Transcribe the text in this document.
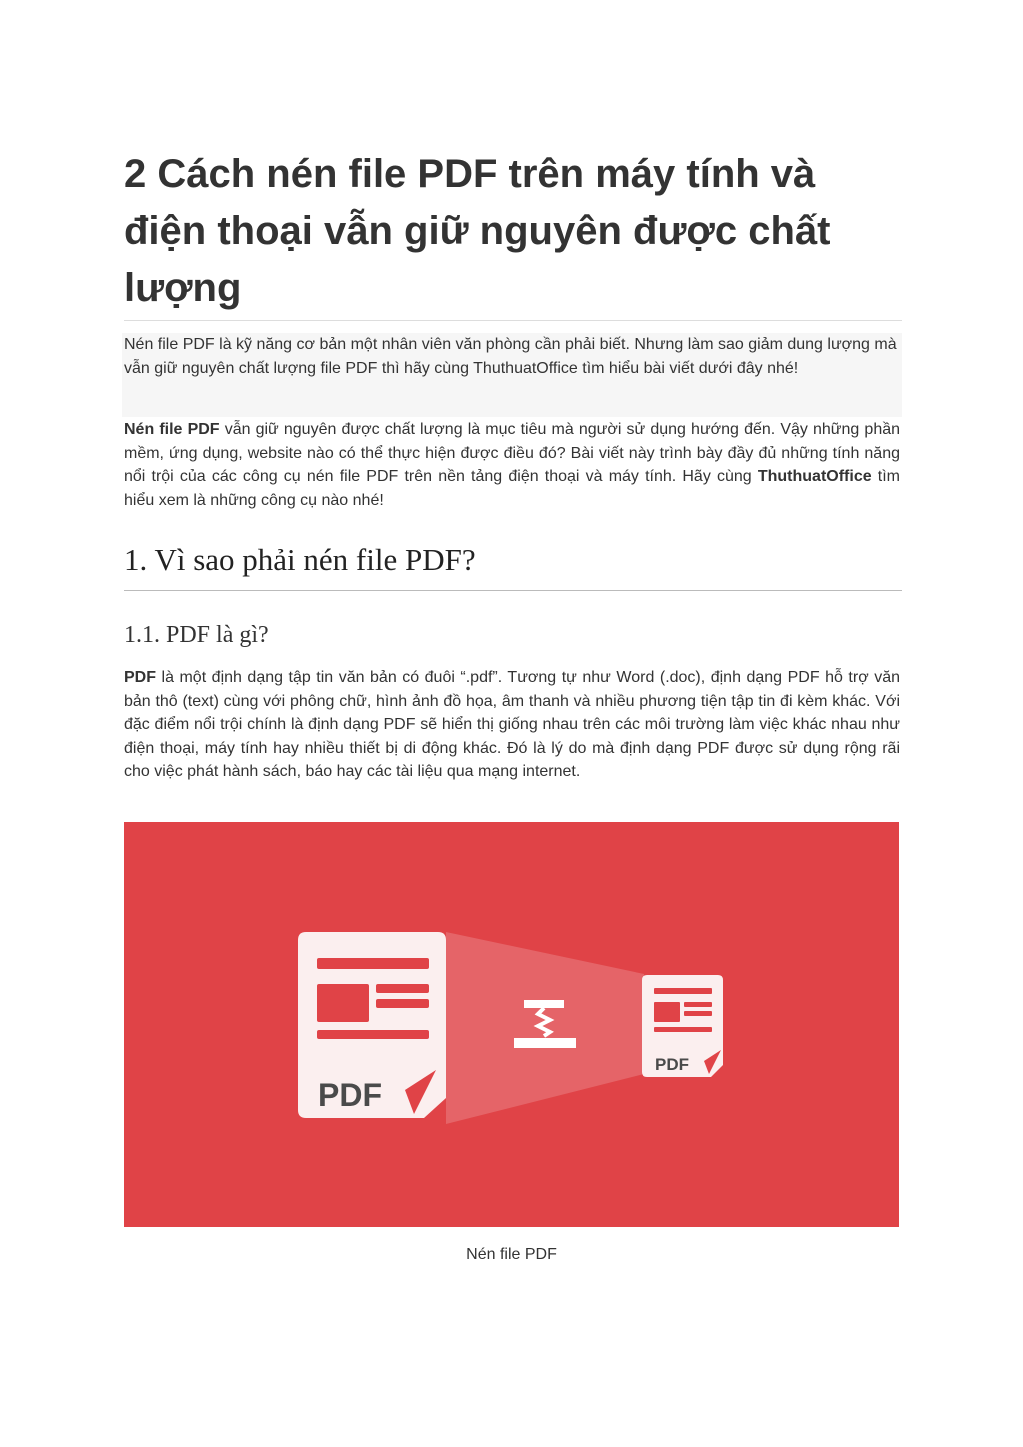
2 Cách nén file PDF trên máy tính và điện thoại vẫn giữ nguyên được chất lượng

Nén file PDF là kỹ năng cơ bản một nhân viên văn phòng cần phải biết. Nhưng làm sao giảm dung lượng mà vẫn giữ nguyên chất lượng file PDF thì hãy cùng ThuthuatOffice tìm hiểu bài viết dưới đây nhé!

Nén file PDF vẫn giữ nguyên được chất lượng là mục tiêu mà người sử dụng hướng đến. Vậy những phần mềm, ứng dụng, website nào có thể thực hiện được điều đó? Bài viết này trình bày đầy đủ những tính năng nổi trội của các công cụ nén file PDF trên nền tảng điện thoại và máy tính. Hãy cùng ThuthuatOffice tìm hiểu xem là những công cụ nào nhé!

1. Vì sao phải nén file PDF?
1.1. PDF là gì?

PDF là một định dạng tập tin văn bản có đuôi “.pdf”. Tương tự như Word (.doc), định dạng PDF hỗ trợ văn bản thô (text) cùng với phông chữ, hình ảnh đồ họa, âm thanh và nhiều phương tiện tập tin đi kèm khác. Với đặc điểm nổi trội chính là định dạng PDF sẽ hiển thị giống nhau trên các môi trường làm việc khác nhau như điện thoại, máy tính hay nhiều thiết bị di động khác. Đó là lý do mà định dạng PDF được sử dụng rộng rãi cho việc phát hành sách, báo hay các tài liệu qua mạng internet.

PDF
PDF

Nén file PDF
